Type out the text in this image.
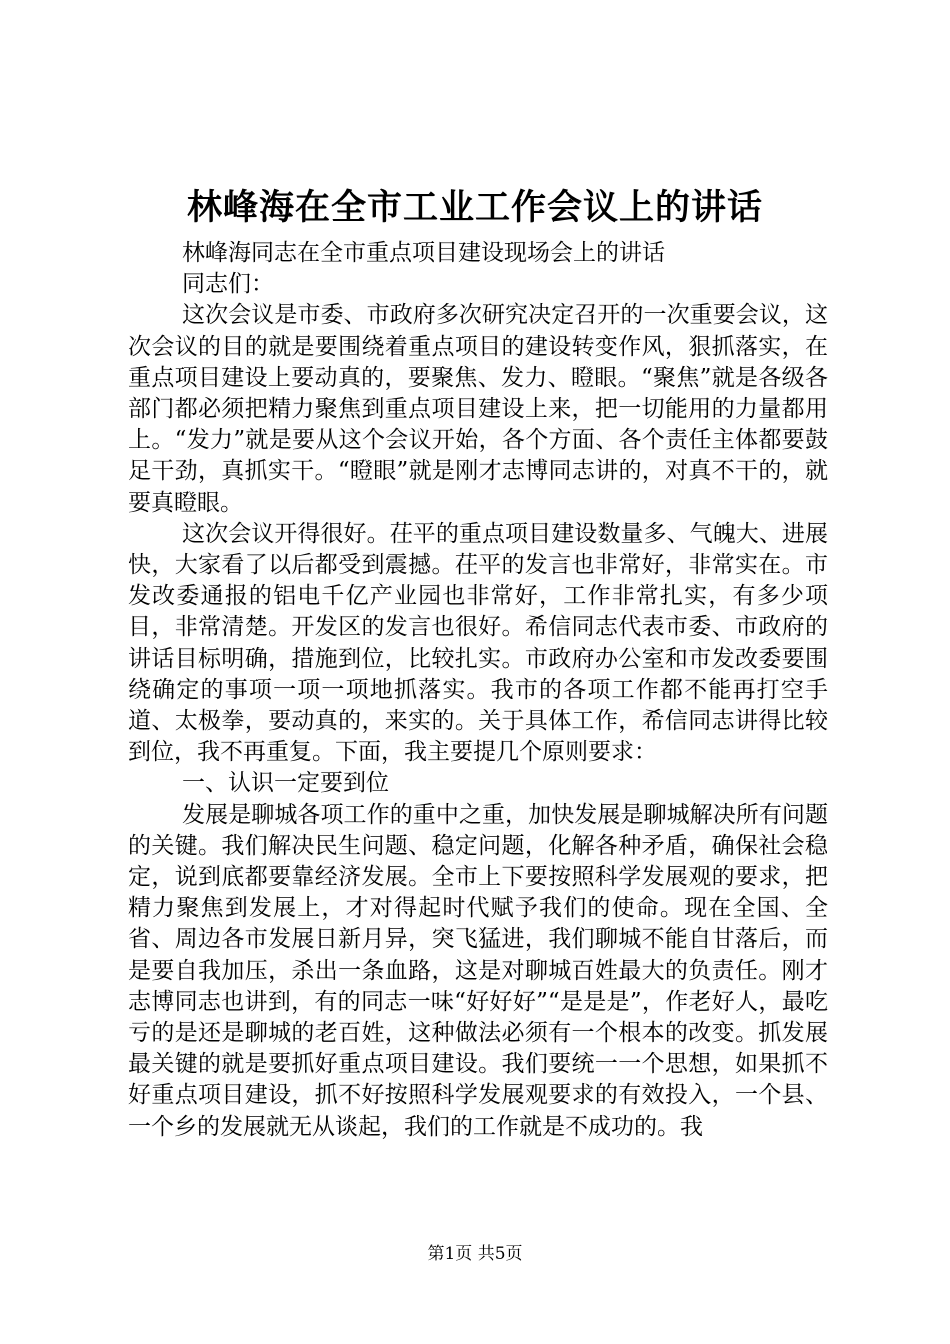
林峰海在全市工业工作会议上的讲话

林峰海同志在全市重点项目建设现场会上的讲话

同志们：

这次会议是市委、市政府多次研究决定召开的一次重要会议，这次会议的目的就是要围绕着重点项目的建设转变作风，狠抓落实，在重点项目建设上要动真的，要聚焦、发力、瞪眼。“聚焦”就是各级各部门都必须把精力聚焦到重点项目建设上来，把一切能用的力量都用上。“发力”就是要从这个会议开始，各个方面、各个责任主体都要鼓足干劲，真抓实干。“瞪眼”就是刚才志博同志讲的，对真不干的，就要真瞪眼。

这次会议开得很好。茌平的重点项目建设数量多、气魄大、进展快，大家看了以后都受到震撼。茌平的发言也非常好，非常实在。市发改委通报的铝电千亿产业园也非常好，工作非常扎实，有多少项目，非常清楚。开发区的发言也很好。希信同志代表市委、市政府的讲话目标明确，措施到位，比较扎实。市政府办公室和市发改委要围绕确定的事项一项一项地抓落实。我市的各项工作都不能再打空手道、太极拳，要动真的，来实的。关于具体工作，希信同志讲得比较到位，我不再重复。下面，我主要提几个原则要求：

一、认识一定要到位

发展是聊城各项工作的重中之重，加快发展是聊城解决所有问题的关键。我们解决民生问题、稳定问题，化解各种矛盾，确保社会稳定，说到底都要靠经济发展。全市上下要按照科学发展观的要求，把精力聚焦到发展上，才对得起时代赋予我们的使命。现在全国、全省、周边各市发展日新月异，突飞猛进，我们聊城不能自甘落后，而是要自我加压，杀出一条血路，这是对聊城百姓最大的负责任。刚才志博同志也讲到，有的同志一味“好好好”“是是是”，作老好人，最吃亏的是还是聊城的老百姓，这种做法必须有一个根本的改变。抓发展最关键的就是要抓好重点项目建设。我们要统一一个思想，如果抓不好重点项目建设，抓不好按照科学发展观要求的有效投入，一个县、一个乡的发展就无从谈起，我们的工作就是不成功的。我

第1页 共5页
